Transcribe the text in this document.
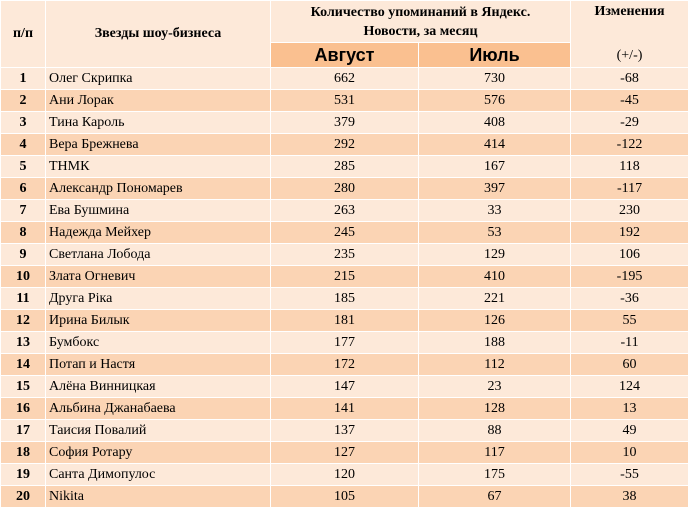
п/п	Звезды шоу-бизнеса	Количество упоминаний в Яндекс.
Новости, за месяц		Изменения

(+/-)
		Август	Июль	
1	Олег Скрипка	662	730	-68
2	Ани Лорак	531	576	-45
3	Тина Кароль	379	408	-29
4	Вера Брежнева	292	414	-122
5	ТНМК	285	167	118
6	Александр Пономарев	280	397	-117
7	Ева Бушмина	263	33	230
8	Надежда Мейхер	245	53	192
9	Светлана Лобода	235	129	106
10	Злата Огневич	215	410	-195
11	Друга Ріка	185	221	-36
12	Ирина Билык	181	126	55
13	Бумбокс	177	188	-11
14	Потап и Настя	172	112	60
15	Алёна Винницкая	147	23	124
16	Альбина Джанабаева	141	128	13
17	Таисия Повалий	137	88	49
18	София Ротару	127	117	10
19	Санта Димопулос	120	175	-55
20	Nikita	105	67	38
